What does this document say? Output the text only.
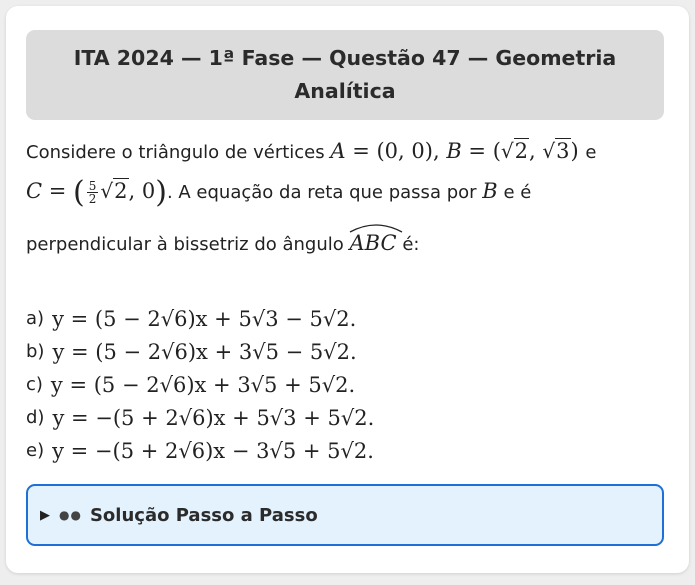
ITA 2024 — 1ª Fase — Questão 47 — Geometria Analítica
Considere o triângulo de vértices A = (0, 0), B = (√2, √3) e
C = ( $\frac{5}{2} √2$, 0). A equação da reta que passa por B e é
perpendicular à bissetriz do ângulo ABC é:
a) y = (5 − 2√6)x + 5√3 − 5√2.
b) y = (5 − 2√6)x + 3√5 − 5√2.
c) y = (5 − 2√6)x + 3√5 + 5√2.
d) y = −(5 + 2√6)x + 5√3 + 5√2.
e) y = −(5 + 2√6)x − 3√5 + 5√2.
▶ ●● Solução Passo a Passo
